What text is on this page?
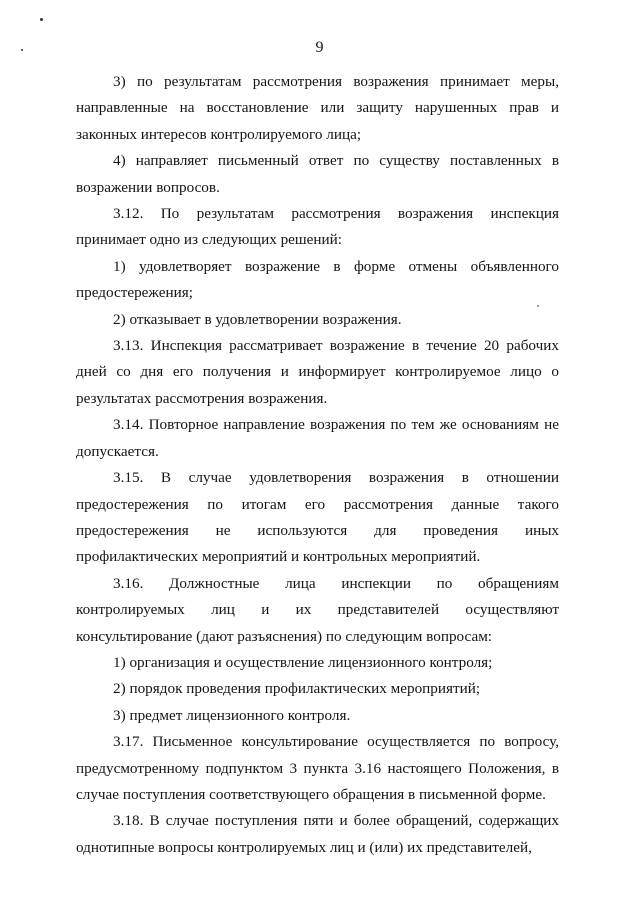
9

3) по результатам рассмотрения возражения принимает меры, направленные на восстановление или защиту нарушенных прав и законных интересов контролируемого лица;

4) направляет письменный ответ по существу поставленных в возражении вопросов.

3.12. По результатам рассмотрения возражения инспекция принимает одно из следующих решений:

1) удовлетворяет возражение в форме отмены объявленного предостережения;

2) отказывает в удовлетворении возражения.

3.13. Инспекция рассматривает возражение в течение 20 рабочих дней со дня его получения и информирует контролируемое лицо о результатах рассмотрения возражения.

3.14. Повторное направление возражения по тем же основаниям не допускается.

3.15. В случае удовлетворения возражения в отношении предостережения по итогам его рассмотрения данные такого предостережения не используются для проведения иных профилактических мероприятий и контрольных мероприятий.

3.16. Должностные лица инспекции по обращениям контролируемых лиц и их представителей осуществляют консультирование (дают разъяснения) по следующим вопросам:

1) организация и осуществление лицензионного контроля;

2) порядок проведения профилактических мероприятий;

3) предмет лицензионного контроля.

3.17. Письменное консультирование осуществляется по вопросу, предусмотренному подпунктом 3 пункта 3.16 настоящего Положения, в случае поступления соответствующего обращения в письменной форме.

3.18. В случае поступления пяти и более обращений, содержащих однотипные вопросы контролируемых лиц и (или) их представителей,
